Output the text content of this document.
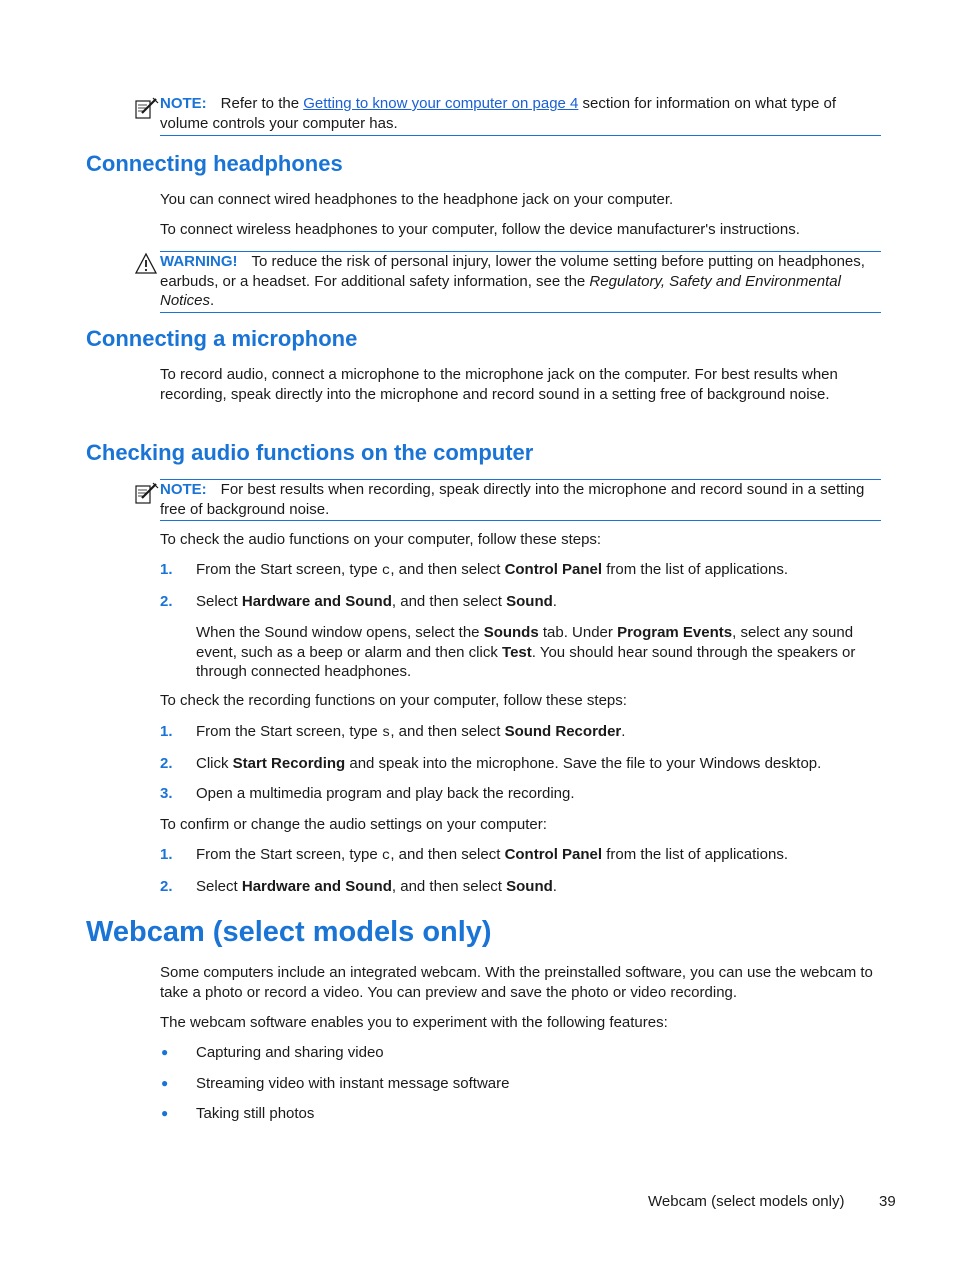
NOTE: Refer to the Getting to know your computer on page 4 section for information on what type of volume controls your computer has.
Connecting headphones
You can connect wired headphones to the headphone jack on your computer.
To connect wireless headphones to your computer, follow the device manufacturer's instructions.
WARNING! To reduce the risk of personal injury, lower the volume setting before putting on headphones, earbuds, or a headset. For additional safety information, see the Regulatory, Safety and Environmental Notices.
Connecting a microphone
To record audio, connect a microphone to the microphone jack on the computer. For best results when recording, speak directly into the microphone and record sound in a setting free of background noise.
Checking audio functions on the computer
NOTE: For best results when recording, speak directly into the microphone and record sound in a setting free of background noise.
To check the audio functions on your computer, follow these steps:
1. From the Start screen, type c, and then select Control Panel from the list of applications.
2. Select Hardware and Sound, and then select Sound.
When the Sound window opens, select the Sounds tab. Under Program Events, select any sound event, such as a beep or alarm and then click Test. You should hear sound through the speakers or through connected headphones.
To check the recording functions on your computer, follow these steps:
1. From the Start screen, type s, and then select Sound Recorder.
2. Click Start Recording and speak into the microphone. Save the file to your Windows desktop.
3. Open a multimedia program and play back the recording.
To confirm or change the audio settings on your computer:
1. From the Start screen, type c, and then select Control Panel from the list of applications.
2. Select Hardware and Sound, and then select Sound.
Webcam (select models only)
Some computers include an integrated webcam. With the preinstalled software, you can use the webcam to take a photo or record a video. You can preview and save the photo or video recording.
The webcam software enables you to experiment with the following features:
● Capturing and sharing video
● Streaming video with instant message software
● Taking still photos
Webcam (select models only) 39
